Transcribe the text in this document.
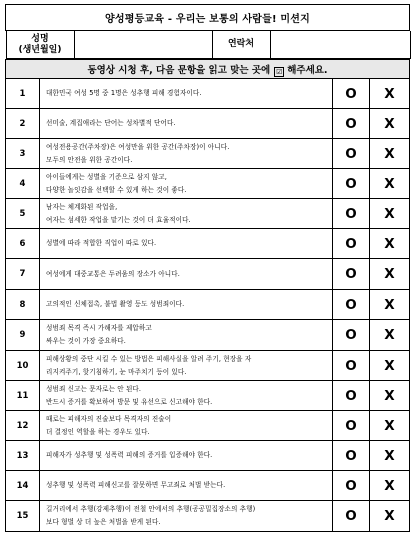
양성평등교육 - 우리는 보통의 사람들! 미션지

성명
(생년월일)
		연락처	

동영상 시청 후, 다음 문항을 읽고 맞는 곳에 ☑ 해주세요.
1	대한민국 여성 5명 중 1명은 성추행 피해 경험자이다.	O	X
2	선미술, 계집애라는 단어는 성차별적 단어다.	O	X
3	
여성전용공간(주차장)은 여성만을 위한 공간(주차장)이 아니다.
모두의 안전을 위한 공간이다.	O	X
4	
아이들에게는 성별을 기준으로 삼지 않고,
다양한 놀잇감을 선택할 수 있게 하는 것이 좋다.	O	X
5	
남자는 체계화된 작업을,
여자는 섬세한 작업을 맡기는 것이 더 효율적이다.	O	X
6	성별에 따라 적합한 직업이 따로 있다.	O	X
7	여성에게 대중교통은 두려움의 장소가 아니다.	O	X
8	고의적인 신체접촉, 불법 촬영 등도 성범죄이다.	O	X
9	
성범죄 목격 즉시 가해자를 제압하고
싸우는 것이 가장 중요하다.	O	X
10	
피해상황의 중단 시킬 수 있는 방법은 피해사실을 알려 주기, 현장을 자
리지켜주기, 핫기침하기, 눈 마주치기 등이 있다.	O	X
11	
성범죄 신고는 문자로는 안 된다.
반드시 증거를 확보하여 방문 및 유선으로 신고해야 한다.	O	X
12	
때로는 피해자의 진술보다 목격자의 진술이
더 결정인 역할을 하는 경우도 있다.	O	X
13	피해자가 성추행 및 성폭력 피해의 증거를 입증해야 한다.	O	X
14	성추행 및 성폭력 피해신고를 잘못하면 무고죄로 처벌 받는다.	O	X
15	
길거리에서 추행(강제추행)이 전철 안에서의 추행(공공밀집장소의 추행)
보다 형벌 상 더 높은 처벌을 받게 된다.	O	X
